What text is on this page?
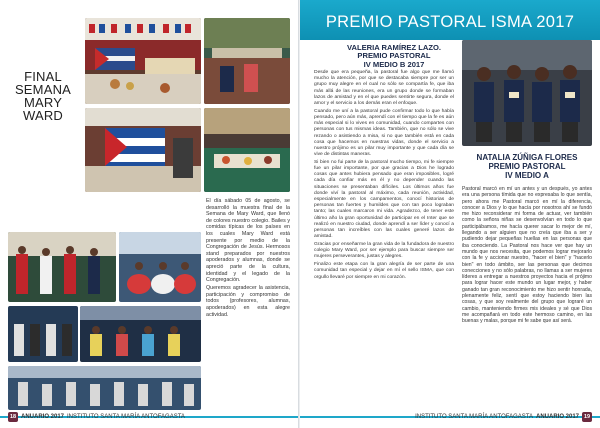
FINAL
SEMANA
MARY
WARD

El día sábado 05 de agosto, se desarrolló la muestra final de la Semana de Mary Ward, que llenó de colores nuestro colegio. Bailes y comidas típicas de los países en los cuales Mary Ward está presente por medio de la Congregación de Jesús. Hermosos stand preparados por nuestros apoderados y alumnas, donde se apreció parte de la cultura, identidad y el legado de la Congregación.

Queremos agradecer la asistencia, participación y compromiso de todos (profesores, alumnas, apoderados) en esta alegre actividad.

18 ANUARIO 2017 INSTITUTO SANTA MARÍA ANTOFAGASTA
PREMIO PASTORAL ISMA 2017
VALERIA RAMÍREZ LAZO.
PREMIO PASTORAL
IV MEDIO B 2017

Desde que era pequeña, la pastoral fue algo que me llamó mucho la atención, por que se destacaba siempre por ser un grupo muy alegre en el cual no sólo se compartía fe, que iba más allá de las reuniones, era un grupo donde se formaban lazos de amistad y en el que puedes sentirte segura, donde el amor y el servicio a los demás eran el enfoque.

Cuando me uní a la pastoral pude confirmar todo lo que había pensado, pero aún más, aprendí con el tiempo que la fe es aún más especial si lo vives en comunidad, cuando compartes con personas con tus mismas ideas. También, que no sólo se vive rezando o asistiendo a misa, si no que también está en cada cosa que hacemos en nuestras vidas, donde el servicio a nuestro prójimo es un pilar muy importante y que cada día se vive de distintas maneras.

Si bien no fui parte de la pastoral mucho tiempo, mi fe siempre fue un pilar importante, por que gracias a Dios he logrado cosas que antes hubiera pensado que eran imposibles, logré cada día confiar más en él y no depender cuando las situaciones se presentaban difíciles. Los últimos años fue donde viví la pastoral al máximo, cada reunión, actividad, especialmente en los campamentos, conocí historias de personas tan fuertes y humildes que con tan poco lograban tanto; las cuales marcaron mi vida. Agradezco, de tener este último año la gran oportunidad de participar en el Inter que se realizó en nuestro ciudad, donde aprendí a ser líder y conocí a personas tan increíbles con las cuales generé lazos de amistad.

Gracias por enseñarme la gran vida de la fundadora de nuestro colegio Mary Ward, por ser ejemplo para buscar siempre ser mujeres perseverantes, justas y alegres.

Finalizo este etapa con la gran alegría de ser parte de una comunidad tan especial y dejar en mí el sello ISMA, que con orgullo llevaré por siempre en mi corazón.

NATALIA ZÚÑIGA FLORES
PREMIO PASTORAL
IV MEDIO A

Pastoral marcó en mí un antes y un después, yo antes era una persona tímida que no expresaba lo que sentía, pero ahora me Pastoral marcó en mí la diferencia, conocer a Dios y lo que hacía por nosotros ahí se fundó me hizo reconsiderar mi forma de actuar, ver también como la señora niñas se desenvolvían en todo lo que participábamos, me hacía querer sacar lo mejor de mí, llegando a ser alguien que no creía que iba a ser y pudiendo dejar pequeñas huellas en las personas que iba conociendo. La Pastoral nos hace ver que hay un mundo que nos necesita, que podemos lograr mejorarlo con la fe y accionar nuestro, "hacer el bien" y "hacerlo bien" en todo ámbito, ser las personas que decimos conecciones y no sólo palabras, no llamas a ser mujeres líderes a entregar a nuestros proyectos hacia el prójimo para lograr hacer este mundo un lugar mejor, y haber ganado tan gran reconocimiento me hizo sentir honrada, plenamente feliz, sentí que estoy haciendo bien las cosas, y que soy realmente del grupo que lograré un cambio, manteniendo firmes mis ideales y sé que Dios me acompañará en todo este hermoso camino, en las buenas y malas, porque mi fe sabe que así será.

INSTITUTO SANTA MARÍA ANTOFAGASTA ANUARIO 2017 19
